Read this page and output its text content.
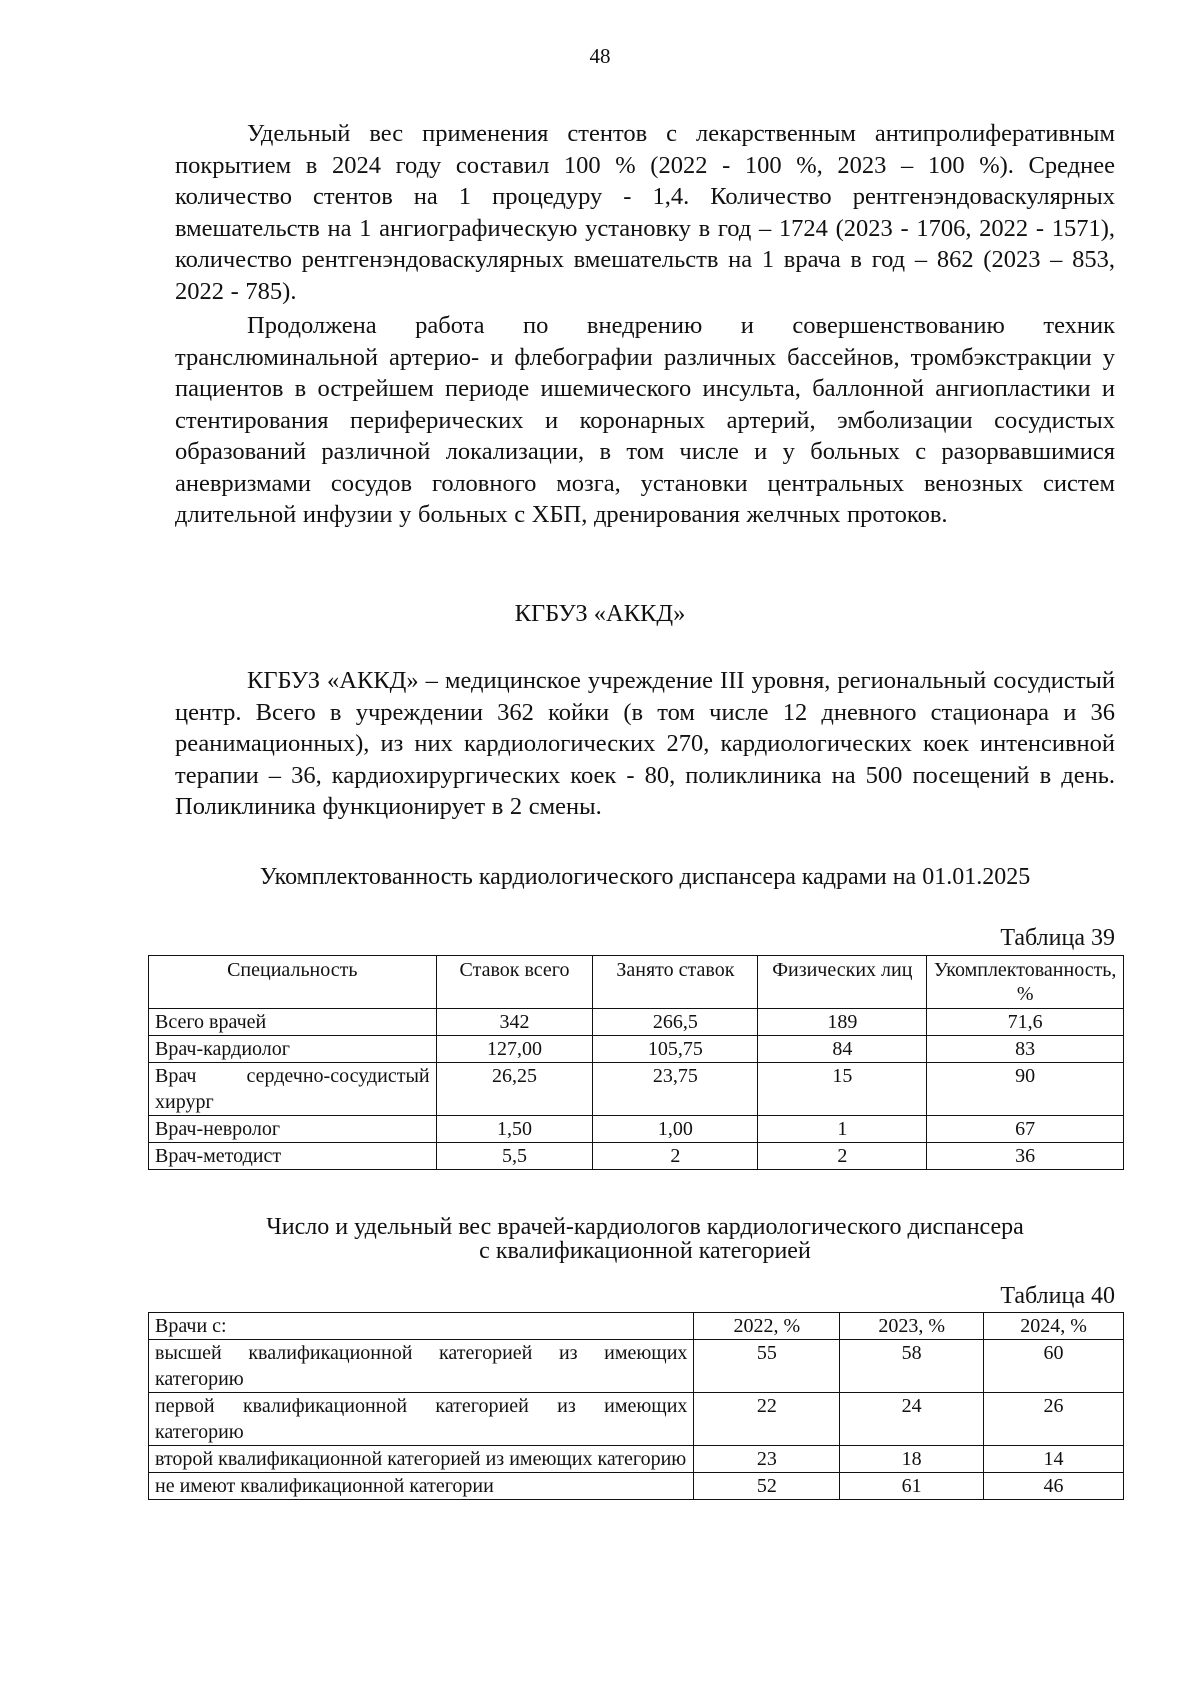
48

Удельный вес применения стентов с лекарственным антипролиферативным покрытием в 2024 году составил 100 % (2022 - 100 %, 2023 – 100 %). Среднее количество стентов на 1 процедуру - 1,4. Количество рентгенэндоваскулярных вмешательств на 1 ангиографическую установку в год – 1724 (2023 - 1706, 2022 - 1571), количество рентгенэндоваскулярных вмешательств на 1 врача в год – 862 (2023 – 853, 2022 - 785).

Продолжена работа по внедрению и совершенствованию техник транслюминальной артерио- и флебографии различных бассейнов, тромбэкстракции у пациентов в острейшем периоде ишемического инсульта, баллонной ангиопластики и стентирования периферических и коронарных артерий, эмболизации сосудистых образований различной локализации, в том числе и у больных с разорвавшимися аневризмами сосудов головного мозга, установки центральных венозных систем длительной инфузии у больных с ХБП, дренирования желчных протоков.

КГБУЗ «АККД»

КГБУЗ «АККД» – медицинское учреждение III уровня, региональный сосудистый центр. Всего в учреждении 362 койки (в том числе 12 дневного стационара и 36 реанимационных), из них кардиологических 270, кардиологических коек интенсивной терапии – 36, кардиохирургических коек - 80, поликлиника на 500 посещений в день. Поликлиника функционирует в 2 смены.

Укомплектованность кардиологического диспансера кадрами на 01.01.2025
Таблица 39
Специальность	Ставок всего	Занято ставок	Физических лиц	Укомплектованность, %
Всего врачей	342	266,5	189	71,6
Врач-кардиолог	127,00	105,75	84	83
Врач сердечно-сосудистый хирург	26,25	23,75	15	90
Врач-невролог	1,50	1,00	1	67
Врач-методист	5,5	2	2	36
Число и удельный вес врачей-кардиологов кардиологического диспансера
с квалификационной категорией
Таблица 40
Врачи с:	2022, %	2023, %	2024, %
высшей квалификационной категорией из имеющих категорию	55	58	60
первой квалификационной категорией из имеющих категорию	22	24	26
второй квалификационной категорией из имеющих категорию	23	18	14
не имеют квалификационной категории	52	61	46
